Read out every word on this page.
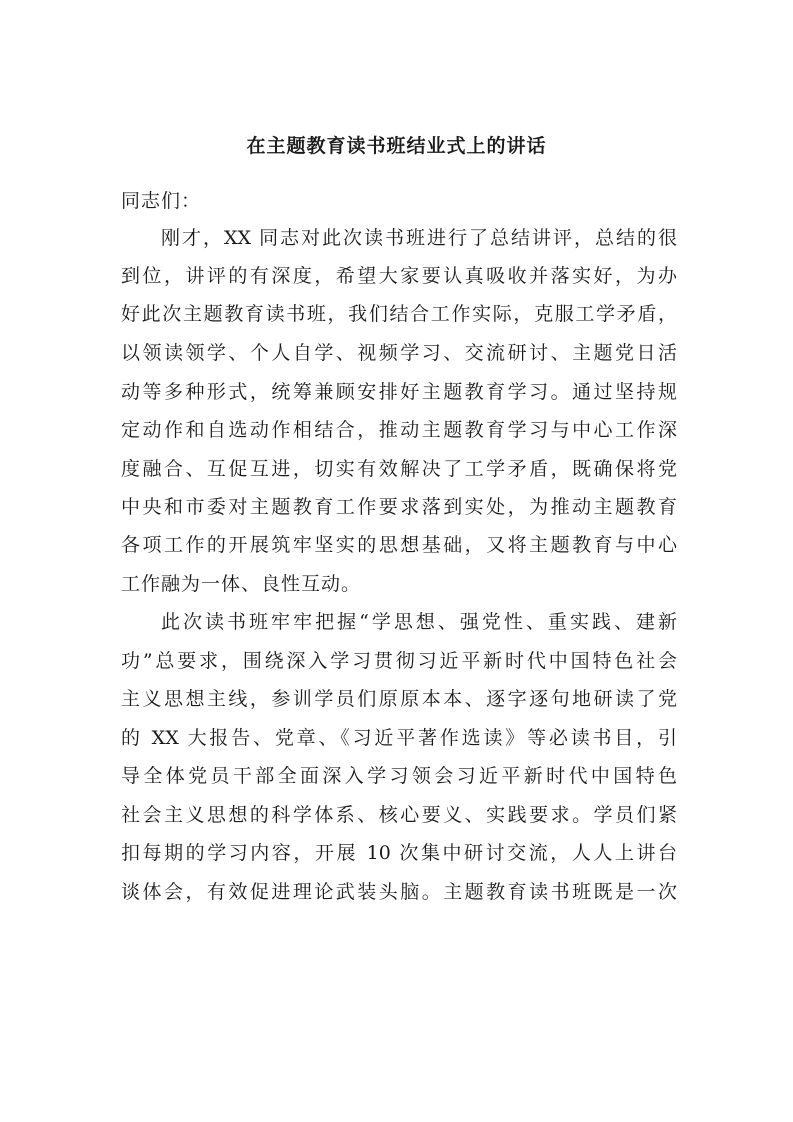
在主题教育读书班结业式上的讲话
同志们：
刚才，XX 同志对此次读书班进行了总结讲评，总结的很
到位，讲评的有深度，希望大家要认真吸收并落实好，为办
好此次主题教育读书班，我们结合工作实际，克服工学矛盾，
以领读领学、个人自学、视频学习、交流研讨、主题党日活
动等多种形式，统筹兼顾安排好主题教育学习。通过坚持规
定动作和自选动作相结合，推动主题教育学习与中心工作深
度融合、互促互进，切实有效解决了工学矛盾，既确保将党
中央和市委对主题教育工作要求落到实处，为推动主题教育
各项工作的开展筑牢坚实的思想基础，又将主题教育与中心
工作融为一体、良性互动。
此次读书班牢牢把握“学思想、强党性、重实践、建新
功”总要求，围绕深入学习贯彻习近平新时代中国特色社会
主义思想主线，参训学员们原原本本、逐字逐句地研读了党
的 XX 大报告、党章、《习近平著作选读》等必读书目，引
导全体党员干部全面深入学习领会习近平新时代中国特色
社会主义思想的科学体系、核心要义、实践要求。学员们紧
扣每期的学习内容，开展 10 次集中研讨交流，人人上讲台
谈体会，有效促进理论武装头脑。主题教育读书班既是一次
